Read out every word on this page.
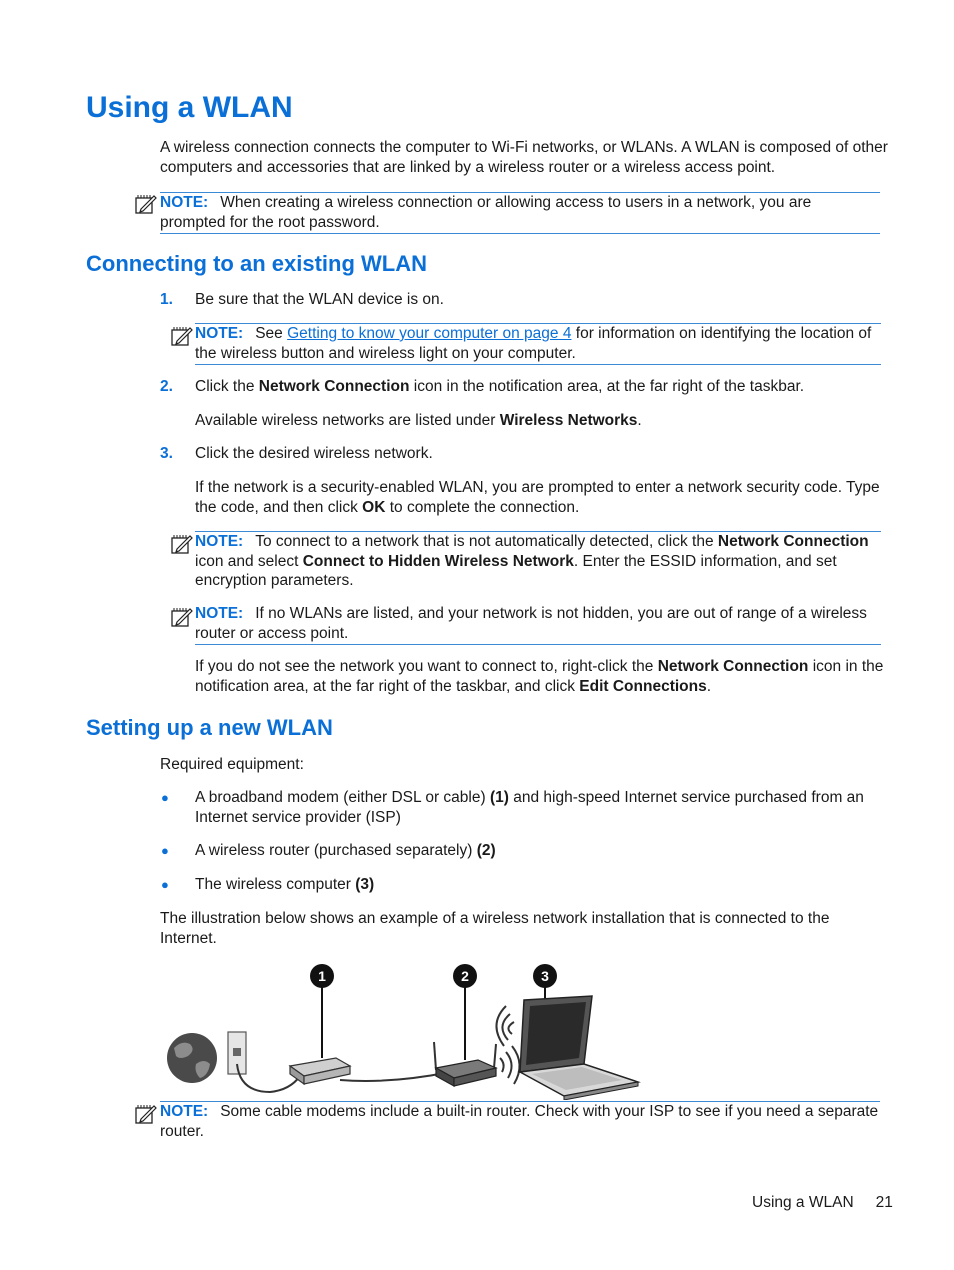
Using a WLAN

A wireless connection connects the computer to Wi-Fi networks, or WLANs. A WLAN is composed of other computers and accessories that are linked by a wireless router or a wireless access point.

NOTE: When creating a wireless connection or allowing access to users in a network, you are prompted for the root password.
Connecting to an existing WLAN
1. Be sure that the WLAN device is on.

NOTE: See Getting to know your computer on page 4 for information on identifying the location of the wireless button and wireless light on your computer.
2. Click the Network Connection icon in the notification area, at the far right of the taskbar.

Available wireless networks are listed under Wireless Networks.

3. Click the desired wireless network.

If the network is a security-enabled WLAN, you are prompted to enter a network security code. Type the code, and then click OK to complete the connection.

NOTE: To connect to a network that is not automatically detected, click the Network Connection icon and select Connect to Hidden Wireless Network. Enter the ESSID information, and set encryption parameters.
NOTE: If no WLANs are listed, and your network is not hidden, you are out of range of a wireless router or access point.

If you do not see the network you want to connect to, right-click the Network Connection icon in the notification area, at the far right of the taskbar, and click Edit Connections.

Setting up a new WLAN

Required equipment:

● A broadband modem (either DSL or cable) (1) and high-speed Internet service purchased from an Internet service provider (ISP)

● A wireless router (purchased separately) (2)

● The wireless computer (3)

The illustration below shows an example of a wireless network installation that is connected to the Internet.

1	2	3
NOTE: Some cable modems include a built-in router. Check with your ISP to see if you need a separate router.
Using a WLAN 21
